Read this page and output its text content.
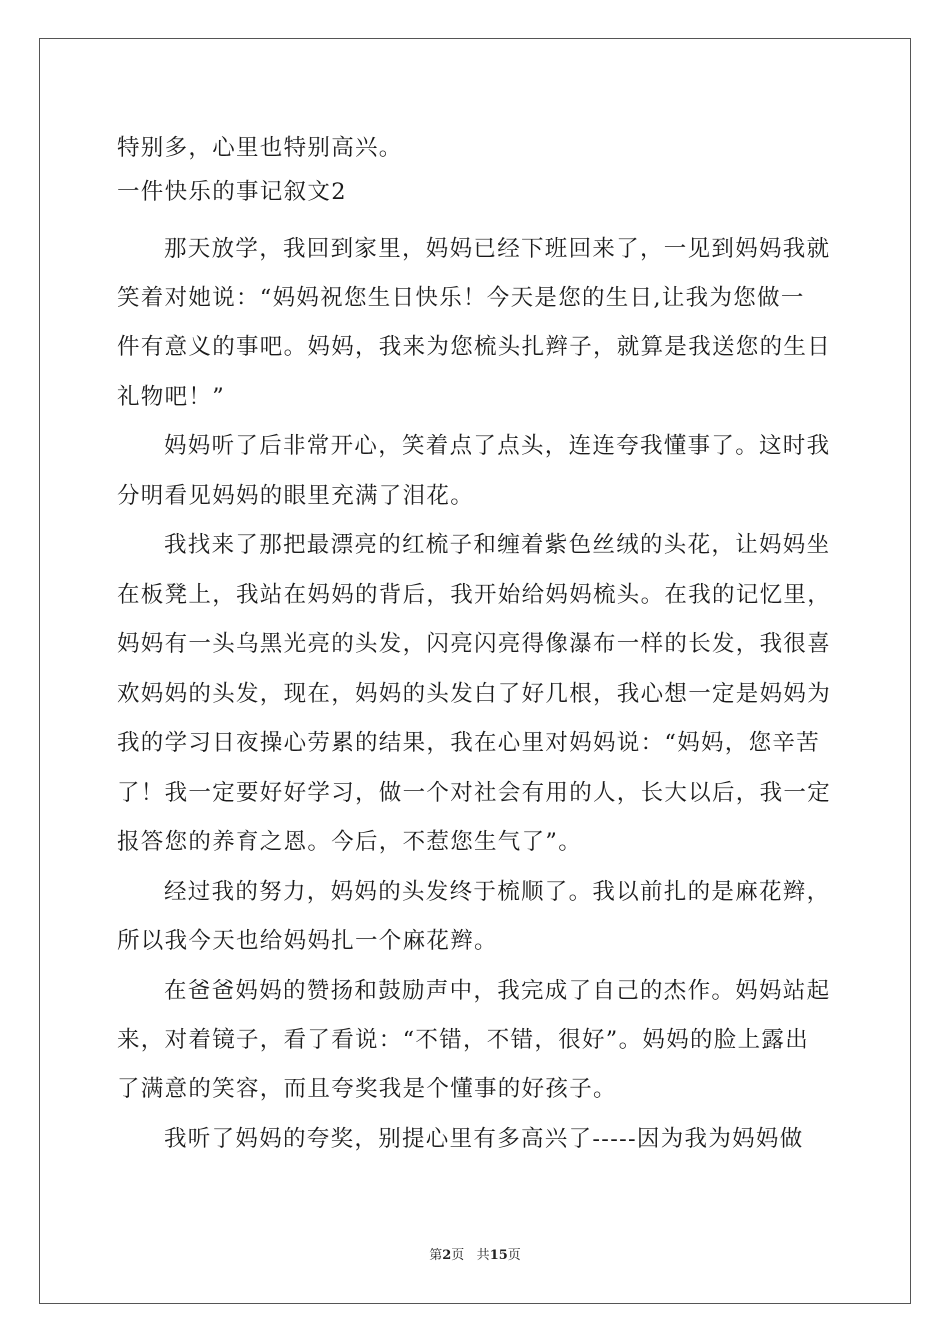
特别多，心里也特别高兴。
一件快乐的事记叙文2
那天放学，我回到家里，妈妈已经下班回来了，一见到妈妈我就
笑着对她说：“妈妈祝您生日快乐！今天是您的生日,让我为您做一
件有意义的事吧。妈妈，我来为您梳头扎辫子，就算是我送您的生日
礼物吧！”
妈妈听了后非常开心，笑着点了点头，连连夸我懂事了。这时我
分明看见妈妈的眼里充满了泪花。
我找来了那把最漂亮的红梳子和缠着紫色丝绒的头花，让妈妈坐
在板凳上，我站在妈妈的背后，我开始给妈妈梳头。在我的记忆里，
妈妈有一头乌黑光亮的头发，闪亮闪亮得像瀑布一样的长发，我很喜
欢妈妈的头发，现在，妈妈的头发白了好几根，我心想一定是妈妈为
我的学习日夜操心劳累的结果，我在心里对妈妈说：“妈妈，您辛苦
了！我一定要好好学习，做一个对社会有用的人，长大以后，我一定
报答您的养育之恩。今后，不惹您生气了”。
经过我的努力，妈妈的头发终于梳顺了。我以前扎的是麻花辫，
所以我今天也给妈妈扎一个麻花辫。
在爸爸妈妈的赞扬和鼓励声中，我完成了自己的杰作。妈妈站起
来，对着镜子，看了看说：“不错，不错，很好”。妈妈的脸上露出
了满意的笑容，而且夸奖我是个懂事的好孩子。
我听了妈妈的夸奖，别提心里有多高兴了-----因为我为妈妈做
第2页 共15页
